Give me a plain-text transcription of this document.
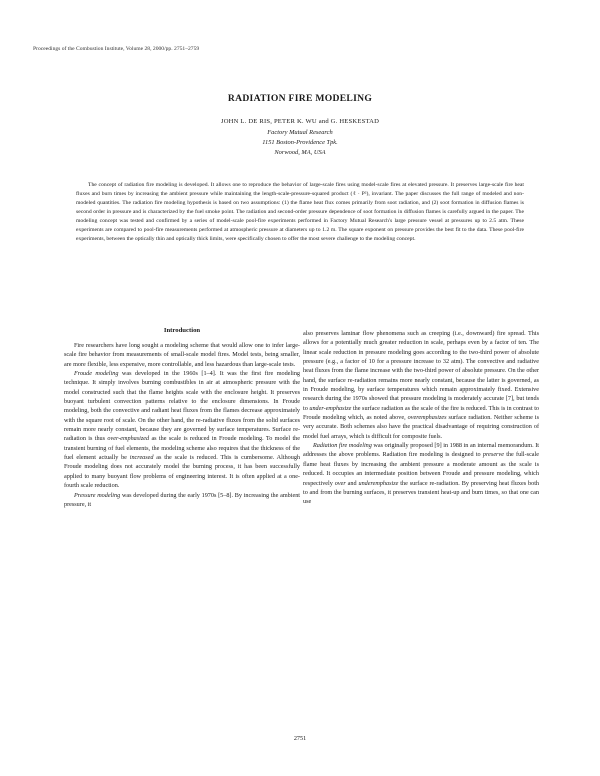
Proceedings of the Combustion Institute, Volume 28, 2000/pp. 2751–2759
RADIATION FIRE MODELING
JOHN L. DE RIS, PETER K. WU and G. HESKESTAD
Factory Mutual Research
1151 Boston-Providence Tpk.
Norwood, MA, USA

The concept of radiation fire modeling is developed. It allows one to reproduce the behavior of large-scale fires using model-scale fires at elevated pressure. It preserves large-scale fire heat fluxes and burn times by increasing the ambient pressure while maintaining the length-scale-pressure-squared product (ℓ · P²), invariant. The paper discusses the full range of modeled and non-modeled quantities. The radiation fire modeling hypothesis is based on two assumptions: (1) the flame heat flux comes primarily from soot radiation, and (2) soot formation in diffusion flames is second order in pressure and is characterized by the fuel smoke point. The radiation and second-order pressure dependence of soot formation in diffusion flames is carefully argued in the paper. The modeling concept was tested and confirmed by a series of model-scale pool-fire experiments performed in Factory Mutual Research's large pressure vessel at pressures up to 2.5 atm. These experiments are compared to pool-fire measurements performed at atmospheric pressure at diameters up to 1.2 m. The square exponent on pressure provides the best fit to the data. These pool-fire experiments, between the optically thin and optically thick limits, were specifically chosen to offer the most severe challenge to the modeling concept.

Introduction

Fire researchers have long sought a modeling scheme that would allow one to infer large-scale fire behavior from measurements of small-scale model fires. Model tests, being smaller, are more flexible, less expensive, more controllable, and less hazardous than large-scale tests.

Froude modeling was developed in the 1960s [1–4]. It was the first fire modeling technique. It simply involves burning combustibles in air at atmospheric pressure with the model constructed such that the flame heights scale with the enclosure height. It preserves buoyant turbulent convection patterns relative to the enclosure dimensions. In Froude modeling, both the convective and radiant heat fluxes from the flames decrease approximately with the square root of scale. On the other hand, the re-radiative fluxes from the solid surfaces remain more nearly constant, because they are governed by surface temperatures. Surface re-radiation is thus over-emphasized as the scale is reduced in Froude modeling. To model the transient burning of fuel elements, the modeling scheme also requires that the thickness of the fuel element actually be increased as the scale is reduced. This is cumbersome. Although Froude modeling does not accurately model the burning process, it has been successfully applied to many buoyant flow problems of engineering interest. It is often applied at a one-fourth scale reduction.

Pressure modeling was developed during the early 1970s [5–8]. By increasing the ambient pressure, it

also preserves laminar flow phenomena such as creeping (i.e., downward) fire spread. This allows for a potentially much greater reduction in scale, perhaps even by a factor of ten. The linear scale reduction in pressure modeling goes according to the two-third power of absolute pressure (e.g., a factor of 10 for a pressure increase to 32 atm). The convective and radiative heat fluxes from the flame increase with the two-third power of absolute pressure. On the other hand, the surface re-radiation remains more nearly constant, because the latter is governed, as in Froude modeling, by surface temperatures which remain approximately fixed. Extensive research during the 1970s showed that pressure modeling is moderately accurate [7], but tends to under-emphasize the surface radiation as the scale of the fire is reduced. This is in contrast to Froude modeling which, as noted above, overemphasizes surface radiation. Neither scheme is very accurate. Both schemes also have the practical disadvantage of requiring construction of model fuel arrays, which is difficult for composite fuels.

Radiation fire modeling was originally proposed [9] in 1988 in an internal memorandum. It addresses the above problems. Radiation fire modeling is designed to preserve the full-scale flame heat fluxes by increasing the ambient pressure a moderate amount as the scale is reduced. It occupies an intermediate position between Froude and pressure modeling, which respectively over and underemphasize the surface re-radiation. By preserving heat fluxes both to and from the burning surfaces, it preserves transient heat-up and burn times, so that one can use

2751
